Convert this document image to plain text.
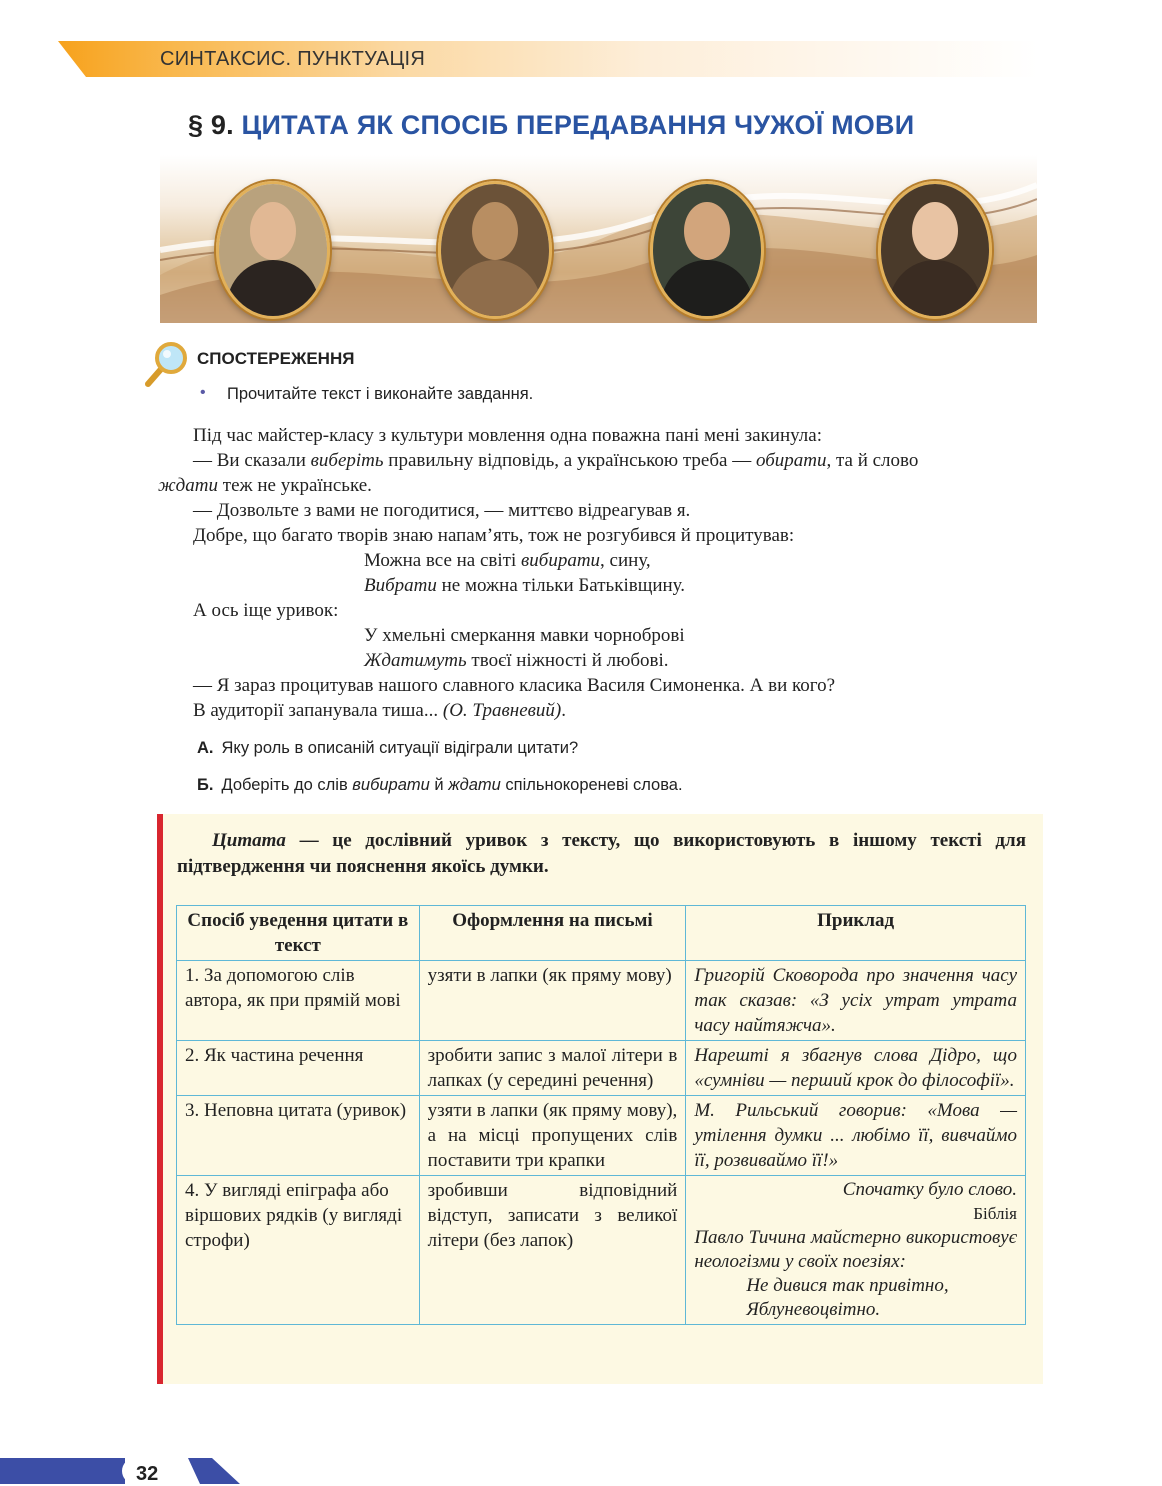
СИНТАКСИС. ПУНКТУАЦІЯ
§ 9. ЦИТАТА ЯК СПОСІБ ПЕРЕДАВАННЯ ЧУЖОЇ МОВИ
СПОСТЕРЕЖЕННЯ
• Прочитайте текст і виконайте завдання.

Під час майстер-класу з культури мовлення одна поважна пані мені закинула:

— Ви сказали виберіть правильну відповідь, а українською треба — обирати, та й слово

ждати теж не українське.

— Дозвольте з вами не погодитися, — миттєво відреагував я.

Добре, що багато творів знаю напам’ять, тож не розгубився й процитував:

Можна все на світі вибирати, сину,

Вибрати не можна тільки Батьківщину.

А ось іще уривок:

У хмельні смеркання мавки чорноброві

Ждатимуть твоєї ніжності й любові.

— Я зараз процитував нашого славного класика Василя Симоненка. А ви кого?

В аудиторії запанувала тиша... (О. Травневий).

А. Яку роль в описаній ситуації відіграли цитати?
Б. Доберіть до слів вибирати й ждати спільнокореневі слова.
Цитата — це дослівний уривок з тексту, що використовують в іншому тексті для підтвердження чи пояснення якоїсь думки.
Спосіб уведення цитати в текст	Оформлення на письмі	Приклад
1. За допомогою слів автора, як при прямій мові	узяти в лапки (як пряму мову)	Григорій Сковорода про значення часу так сказав: «З усіх утрат утрата часу найтяжча».
2. Як частина речення	зробити запис з малої літери в лапках (у середині речення)	Нарешті я збагнув слова Дідро, що «сумніви — перший крок до філософії».
3. Неповна цитата (уривок)	узяти в лапки (як пряму мову), а на місці пропущених слів поставити три крапки	М. Рильський говорив: «Мова — утілення думки ... любімо її, вивчаймо її, розвиваймо її!»
4. У вигляді епіграфа або віршових рядків (у вигляді строфи)	зробивши відповідний відступ, записати з великої літери (без лапок)	Спочатку було слово.
Біблія
Павло Тичина майстерно використовує неологізми у своїх поезіях:
Не дивися так привітно,
Яблуневоцвітно.
32
